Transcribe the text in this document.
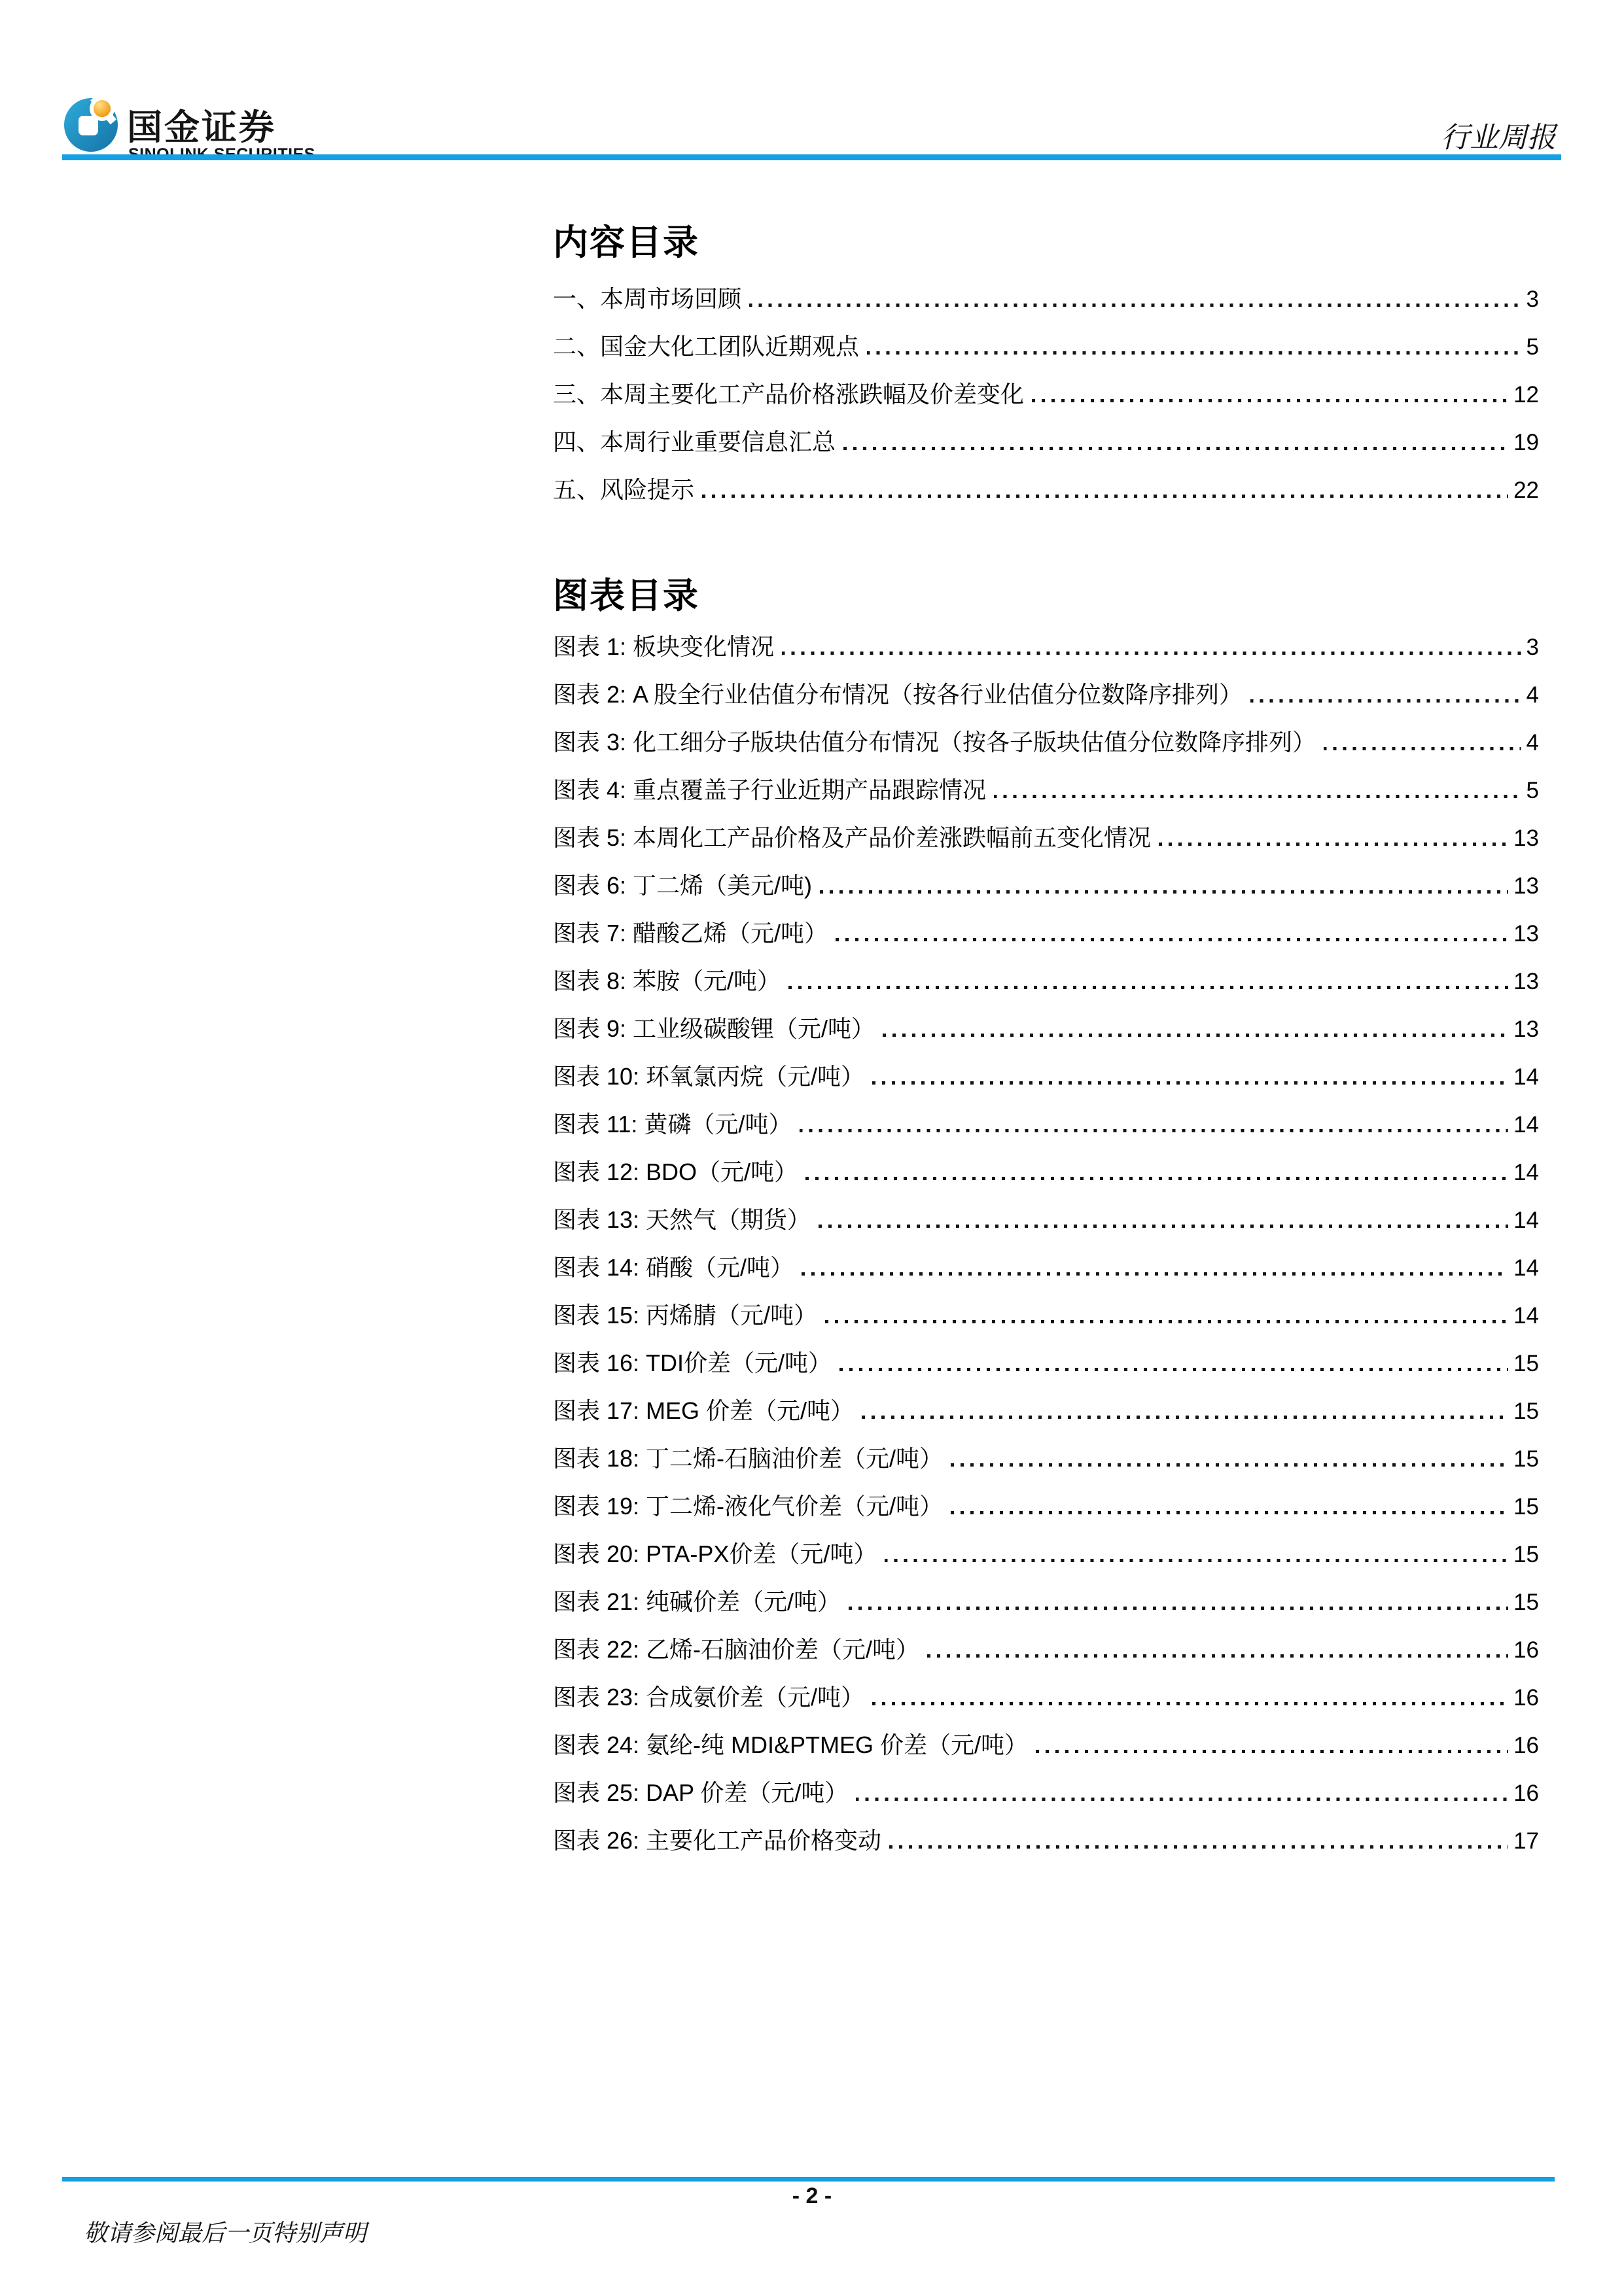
国金证券	行业周报
内容目录
一、本周市场回顾	3
二、国金大化工团队近期观点	5
三、本周主要化工产品价格涨跌幅及价差变化	12
四、本周行业重要信息汇总	19
五、风险提示	22
图表目录
图表 1: 板块变化情况	3
图表 2: A 股全行业估值分布情况（按各行业估值分位数降序排列）	4
图表 3: 化工细分子版块估值分布情况（按各子版块估值分位数降序排列）	4
图表 4: 重点覆盖子行业近期产品跟踪情况	5
图表 5: 本周化工产品价格及产品价差涨跌幅前五变化情况	13
图表 6: 丁二烯（美元/吨)	13
图表 7: 醋酸乙烯（元/吨）	13
图表 8: 苯胺（元/吨）	13
图表 9: 工业级碳酸锂（元/吨）	13
图表 10: 环氧氯丙烷（元/吨）	14
图表 11: 黄磷（元/吨）	14
图表 12: BDO（元/吨）	14
图表 13: 天然气（期货）	14
图表 14: 硝酸（元/吨）	14
图表 15: 丙烯腈（元/吨）	14
图表 16: TDI价差（元/吨）	15
图表 17: MEG 价差（元/吨）	15
图表 18: 丁二烯-石脑油价差（元/吨）	15
图表 19: 丁二烯-液化气价差（元/吨）	15
图表 20: PTA-PX价差（元/吨）	15
图表 21: 纯碱价差（元/吨）	15
图表 22: 乙烯-石脑油价差（元/吨）	16
图表 23: 合成氨价差（元/吨）	16
图表 24: 氨纶-纯 MDI&PTMEG 价差（元/吨）	16
图表 25: DAP 价差（元/吨）	16
图表 26: 主要化工产品价格变动	17
- 2 -
敬请参阅最后一页特别声明
